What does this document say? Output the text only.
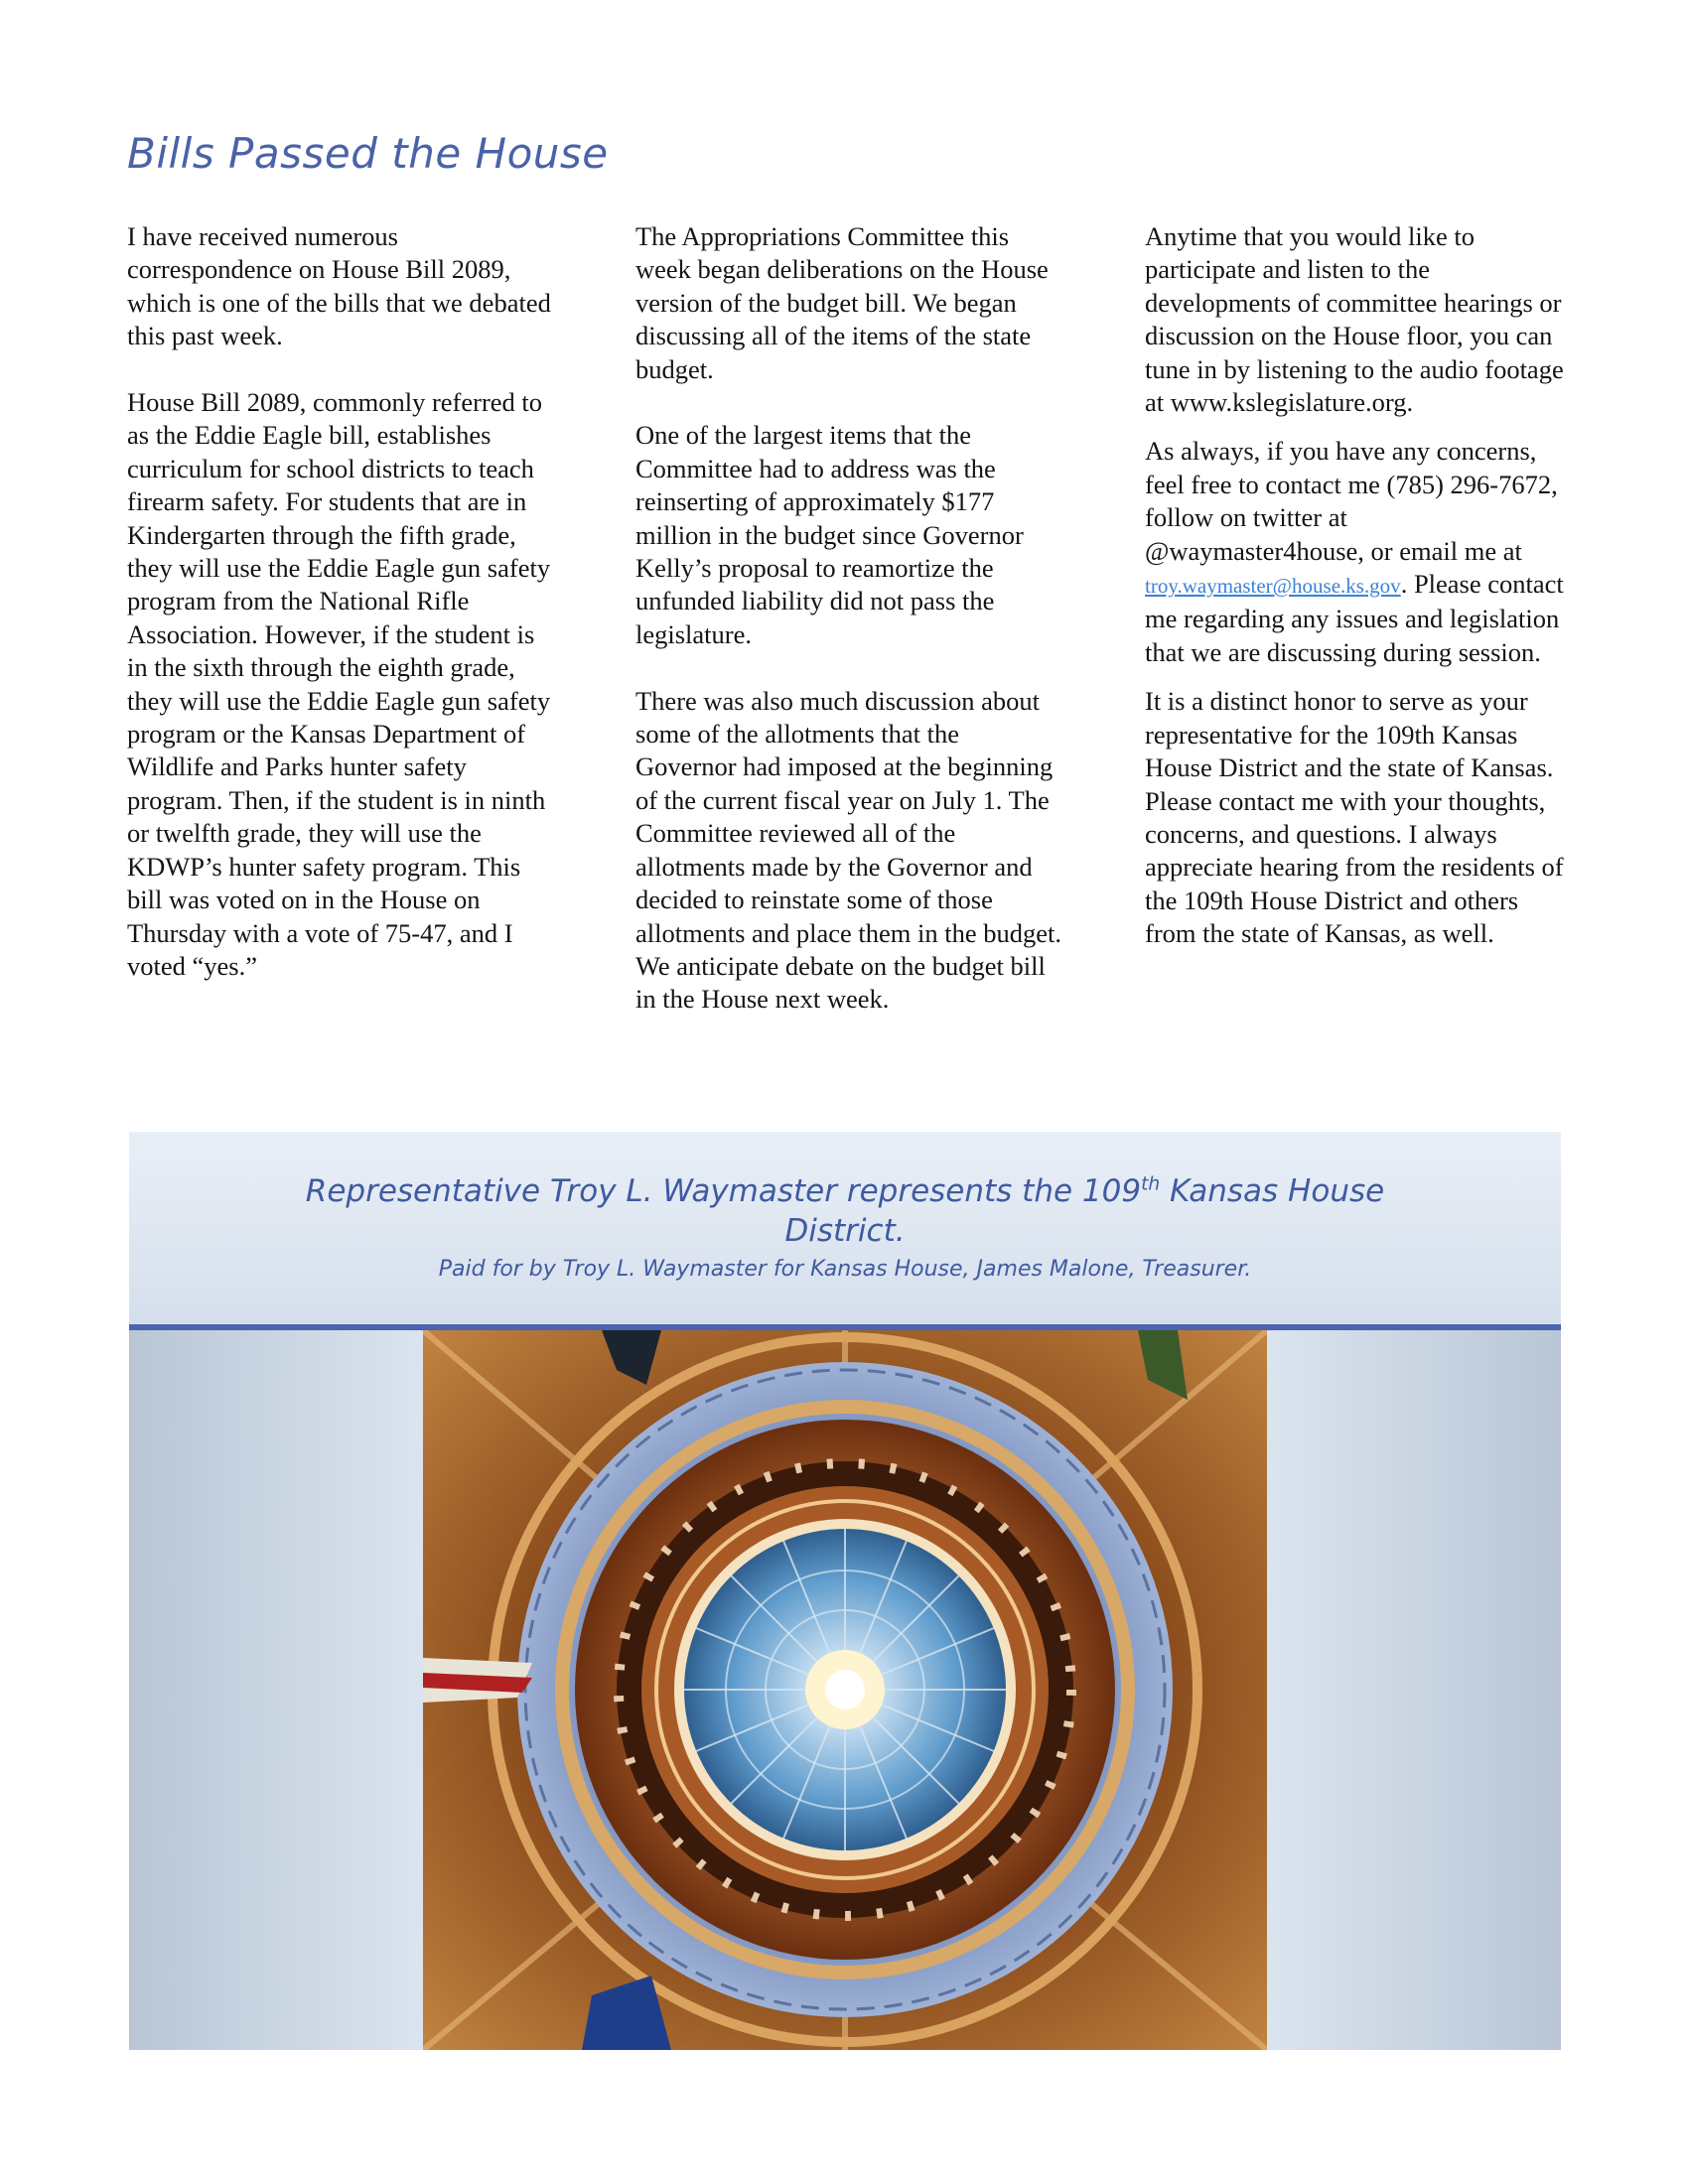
Bills Passed the House

I have received numerous correspondence on House Bill 2089, which is one of the bills that we debated this past week.

House Bill 2089, commonly referred to as the Eddie Eagle bill, establishes curriculum for school districts to teach firearm safety. For students that are in Kindergarten through the fifth grade, they will use the Eddie Eagle gun safety program from the National Rifle Association. However, if the student is in the sixth through the eighth grade, they will use the Eddie Eagle gun safety program or the Kansas Department of Wildlife and Parks hunter safety program. Then, if the student is in ninth or twelfth grade, they will use the KDWP’s hunter safety program. This bill was voted on in the House on Thursday with a vote of 75-47, and I voted “yes.”

The Appropriations Committee this week began deliberations on the House version of the budget bill. We began discussing all of the items of the state budget.

One of the largest items that the Committee had to address was the reinserting of approximately $177 million in the budget since Governor Kelly’s proposal to reamortize the unfunded liability did not pass the legislature.

There was also much discussion about some of the allotments that the Governor had imposed at the beginning of the current fiscal year on July 1. The Committee reviewed all of the allotments made by the Governor and decided to reinstate some of those allotments and place them in the budget. We anticipate debate on the budget bill in the House next week.

Anytime that you would like to participate and listen to the developments of committee hearings or discussion on the House floor, you can tune in by listening to the audio footage at www.kslegislature.org.

As always, if you have any concerns, feel free to contact me (785) 296-7672, follow on twitter at @waymaster4house, or email me at troy.waymaster@house.ks.gov. Please contact me regarding any issues and legislation that we are discussing during session.

It is a distinct honor to serve as your representative for the 109th Kansas House District and the state of Kansas. Please contact me with your thoughts, concerns, and questions. I always appreciate hearing from the residents of the 109th House District and others from the state of Kansas, as well.

Representative Troy L. Waymaster represents the 109th Kansas House District.
Paid for by Troy L. Waymaster for Kansas House, James Malone, Treasurer.
